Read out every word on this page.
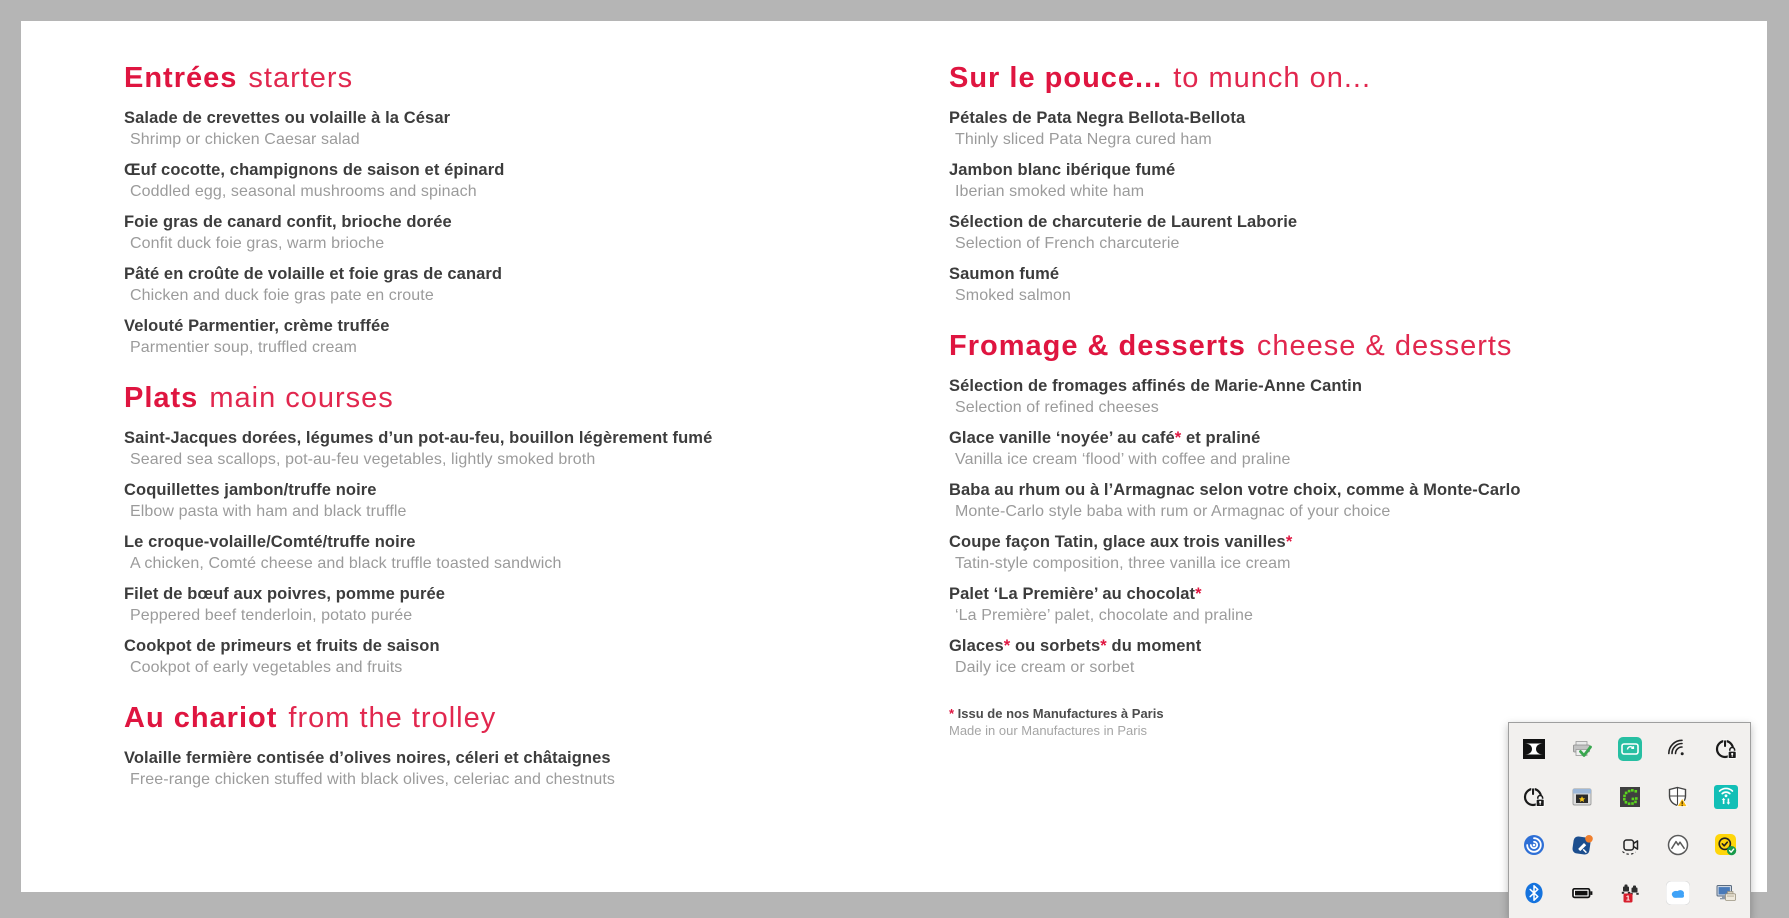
Entrées starters
Salade de crevettes ou volaille à la César
Shrimp or chicken Caesar salad
Œuf cocotte, champignons de saison et épinard
Coddled egg, seasonal mushrooms and spinach
Foie gras de canard confit, brioche dorée
Confit duck foie gras, warm brioche
Pâté en croûte de volaille et foie gras de canard
Chicken and duck foie gras pate en croute
Velouté Parmentier, crème truffée
Parmentier soup, truffled cream
Plats main courses
Saint-Jacques dorées, légumes d’un pot-au-feu, bouillon légèrement fumé
Seared sea scallops, pot-au-feu vegetables, lightly smoked broth
Coquillettes jambon/truffe noire
Elbow pasta with ham and black truffle
Le croque-volaille/Comté/truffe noire
A chicken, Comté cheese and black truffle toasted sandwich
Filet de bœuf aux poivres, pomme purée
Peppered beef tenderloin, potato purée
Cookpot de primeurs et fruits de saison
Cookpot of early vegetables and fruits
Au chariot from the trolley
Volaille fermière contisée d’olives noires, céleri et châtaignes
Free-range chicken stuffed with black olives, celeriac and chestnuts
Sur le pouce... to munch on...
Pétales de Pata Negra Bellota-Bellota
Thinly sliced Pata Negra cured ham
Jambon blanc ibérique fumé
Iberian smoked white ham
Sélection de charcuterie de Laurent Laborie
Selection of French charcuterie
Saumon fumé
Smoked salmon
Fromage & desserts cheese & desserts
Sélection de fromages affinés de Marie-Anne Cantin
Selection of refined cheeses
Glace vanille ‘noyée’ au café* et praliné
Vanilla ice cream ‘flood’ with coffee and praline
Baba au rhum ou à l’Armagnac selon votre choix, comme à Monte-Carlo
Monte-Carlo style baba with rum or Armagnac of your choice
Coupe façon Tatin, glace aux trois vanilles*
Tatin-style composition, three vanilla ice cream
Palet ‘La Première’ au chocolat*
‘La Première’ palet, chocolate and praline
Glaces* ou sorbets* du moment
Daily ice cream or sorbet
* Issu de nos Manufactures à Paris
Made in our Manufactures in Paris
1
